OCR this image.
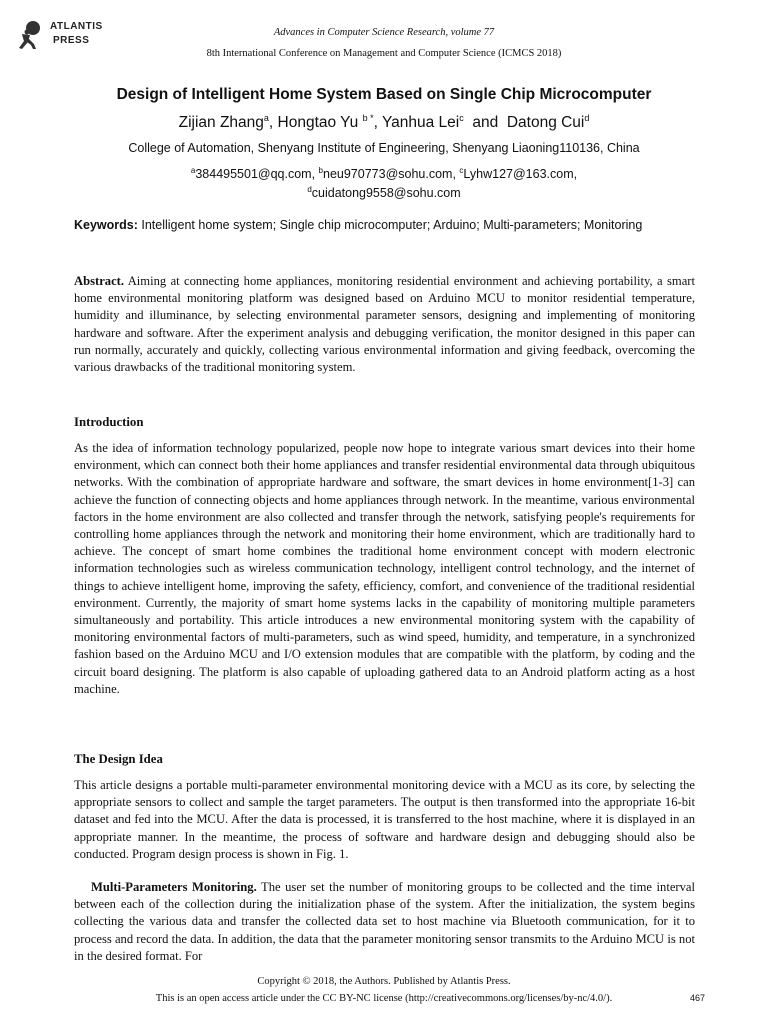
ATLANTIS
PRESS
Advances in Computer Science Research, volume 77
8th International Conference on Management and Computer Science (ICMCS 2018)
Design of Intelligent Home System Based on Single Chip Microcomputer
Zijian Zhang$^a$, Hongtao Yu $^{b *}$, Yanhua Lei$^c$  and  Datong Cui$^d$
College of Automation, Shenyang Institute of Engineering, Shenyang Liaoning110136, China
$^a$384495501@qq.com, $^b$neu970773@sohu.com, $^c$Lyhw127@163.com,
$^d$cuidatong9558@sohu.com
Keywords: Intelligent home system; Single chip microcomputer; Arduino; Multi-parameters; Monitoring

Abstract. Aiming at connecting home appliances, monitoring residential environment and achieving portability, a smart home environmental monitoring platform was designed based on Arduino MCU to monitor residential temperature, humidity and illuminance, by selecting environmental parameter sensors, designing and implementing of monitoring hardware and software. After the experiment analysis and debugging verification, the monitor designed in this paper can run normally, accurately and quickly, collecting various environmental information and giving feedback, overcoming the various drawbacks of the traditional monitoring system.

Introduction

As the idea of information technology popularized, people now hope to integrate various smart devices into their home environment, which can connect both their home appliances and transfer residential environmental data through ubiquitous networks. With the combination of appropriate hardware and software, the smart devices in home environment[1-3] can achieve the function of connecting objects and home appliances through network. In the meantime, various environmental factors in the home environment are also collected and transfer through the network, satisfying people's requirements for controlling home appliances through the network and monitoring their home environment, which are traditionally hard to achieve. The concept of smart home combines the traditional home environment concept with modern electronic information technologies such as wireless communication technology, intelligent control technology, and the internet of things to achieve intelligent home, improving the safety, efficiency, comfort, and convenience of the traditional residential environment. Currently, the majority of smart home systems lacks in the capability of monitoring multiple parameters simultaneously and portability. This article introduces a new environmental monitoring system with the capability of monitoring environmental factors of multi-parameters, such as wind speed, humidity, and temperature, in a synchronized fashion based on the Arduino MCU and I/O extension modules that are compatible with the platform, by coding and the circuit board designing. The platform is also capable of uploading gathered data to an Android platform acting as a host machine.

The Design Idea

This article designs a portable multi-parameter environmental monitoring device with a MCU as its core, by selecting the appropriate sensors to collect and sample the target parameters. The output is then transformed into the appropriate 16-bit dataset and fed into the MCU. After the data is processed, it is transferred to the host machine, where it is displayed in an appropriate manner. In the meantime, the process of software and hardware design and debugging should also be conducted. Program design process is shown in Fig. 1.

Multi-Parameters Monitoring. The user set the number of monitoring groups to be collected and the time interval between each of the collection during the initialization phase of the system. After the initialization, the system begins collecting the various data and transfer the collected data set to host machine via Bluetooth communication, for it to process and record the data. In addition, the data that the parameter monitoring sensor transmits to the Arduino MCU is not in the desired format. For

Copyright © 2018, the Authors. Published by Atlantis Press.
This is an open access article under the CC BY-NC license (http://creativecommons.org/licenses/by-nc/4.0/).	467
